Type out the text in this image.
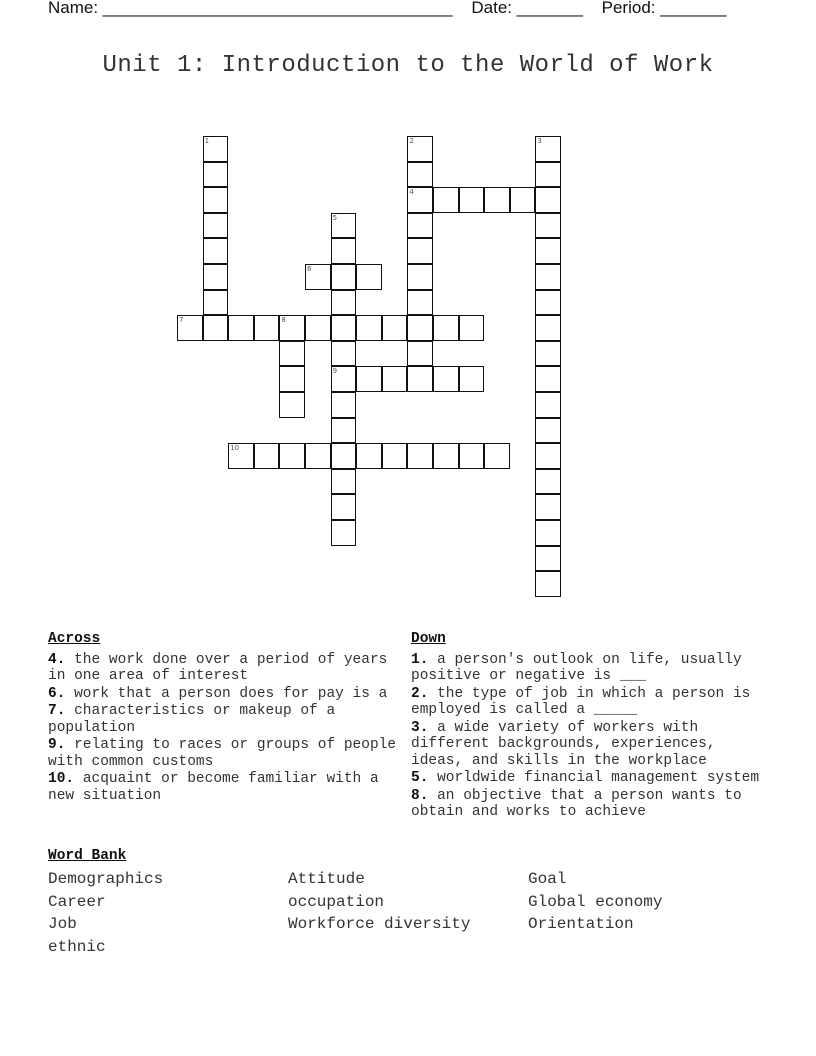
Name: _____________________________________ Date: _______ Period: _______
Unit 1: Introduction to the World of Work
1	2
4
3
5
9
6
7	8
10
Across
4. the work done over a period of years in one area of interest
6. work that a person does for pay is a
7. characteristics or makeup of a population
9. relating to races or groups of people with common customs
10. acquaint or become familiar with a new situation
Down
1. a person's outlook on life, usually positive or negative is ___
2. the type of job in which a person is employed is called a _____
3. a wide variety of workers with different backgrounds, experiences, ideas, and skills in the workplace
5. worldwide financial management system
8. an objective that a person wants to obtain and works to achieve
Word Bank
Demographics	Attitude	Goal
Career	occupation	Global economy
Job	Workforce diversity	Orientation
ethnic
